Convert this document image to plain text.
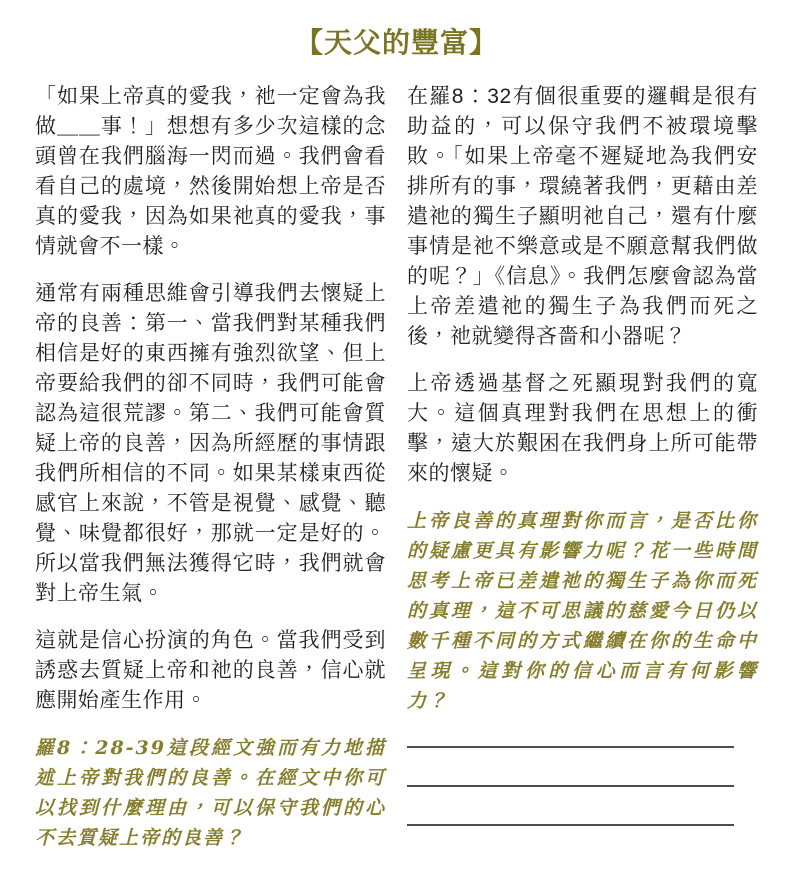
【天父的豐富】

「如果上帝真的愛我，祂一定會為我做＿＿事！」想想有多少次這樣的念頭曾在我們腦海一閃而過。我們會看看自己的處境，然後開始想上帝是否真的愛我，因為如果祂真的愛我，事情就會不一樣。

通常有兩種思維會引導我們去懷疑上帝的良善：第一、當我們對某種我們相信是好的東西擁有強烈欲望、但上帝要給我們的卻不同時，我們可能會認為這很荒謬。第二、我們可能會質疑上帝的良善，因為所經歷的事情跟我們所相信的不同。如果某樣東西從感官上來說，不管是視覺、感覺、聽覺、味覺都很好，那就一定是好的。所以當我們無法獲得它時，我們就會對上帝生氣。

這就是信心扮演的角色。當我們受到誘惑去質疑上帝和祂的良善，信心就應開始產生作用。

羅8：28-39這段經文強而有力地描述上帝對我們的良善。在經文中你可以找到什麼理由，可以保守我們的心不去質疑上帝的良善？

在羅8：32有個很重要的邏輯是很有助益的，可以保守我們不被環境擊敗。「如果上帝毫不遲疑地為我們安排所有的事，環繞著我們，更藉由差遣祂的獨生子顯明祂自己，還有什麼事情是祂不樂意或是不願意幫我們做的呢？」《信息》。我們怎麼會認為當上帝差遣祂的獨生子為我們而死之後，祂就變得吝嗇和小器呢？

上帝透過基督之死顯現對我們的寬大。這個真理對我們在思想上的衝擊，遠大於艱困在我們身上所可能帶來的懷疑。

上帝良善的真理對你而言，是否比你的疑慮更具有影響力呢？花一些時間思考上帝已差遣祂的獨生子為你而死的真理，這不可思議的慈愛今日仍以數千種不同的方式繼續在你的生命中呈現。這對你的信心而言有何影響力？
